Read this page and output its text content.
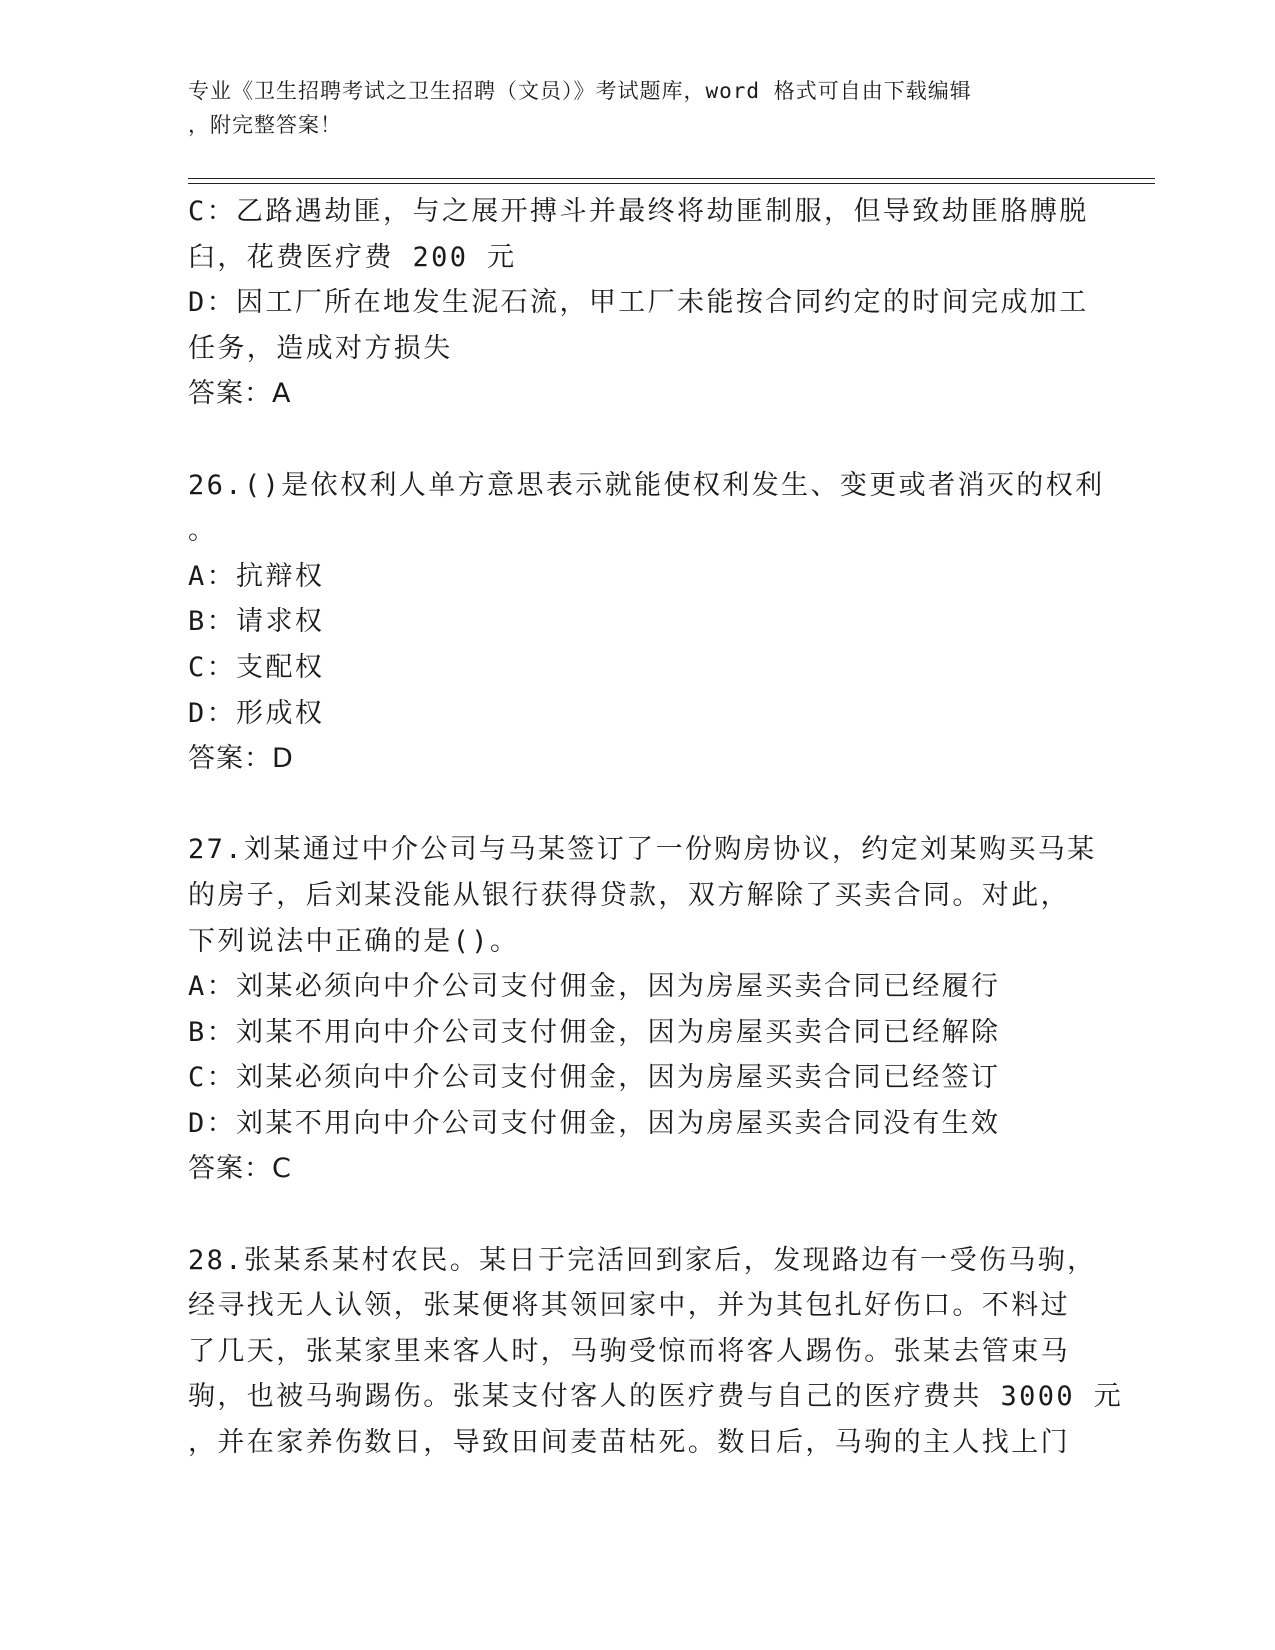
专业《卫生招聘考试之卫生招聘（文员）》考试题库，word 格式可自由下载编辑
，附完整答案！
C：乙路遇劫匪，与之展开搏斗并最终将劫匪制服，但导致劫匪胳膊脱
臼，花费医疗费 200 元
D：因工厂所在地发生泥石流，甲工厂未能按合同约定的时间完成加工
任务，造成对方损失
答案：A
26.()是依权利人单方意思表示就能使权利发生、变更或者消灭的权利
。
A：抗辩权
B：请求权
C：支配权
D：形成权
答案：D
27.刘某通过中介公司与马某签订了一份购房协议，约定刘某购买马某
的房子，后刘某没能从银行获得贷款，双方解除了买卖合同。对此，
下列说法中正确的是()。
A：刘某必须向中介公司支付佣金，因为房屋买卖合同已经履行
B：刘某不用向中介公司支付佣金，因为房屋买卖合同已经解除
C：刘某必须向中介公司支付佣金，因为房屋买卖合同已经签订
D：刘某不用向中介公司支付佣金，因为房屋买卖合同没有生效
答案：C
28.张某系某村农民。某日于完活回到家后，发现路边有一受伤马驹，
经寻找无人认领，张某便将其领回家中，并为其包扎好伤口。不料过
了几天，张某家里来客人时，马驹受惊而将客人踢伤。张某去管束马
驹，也被马驹踢伤。张某支付客人的医疗费与自己的医疗费共 3000 元
，并在家养伤数日，导致田间麦苗枯死。数日后，马驹的主人找上门
